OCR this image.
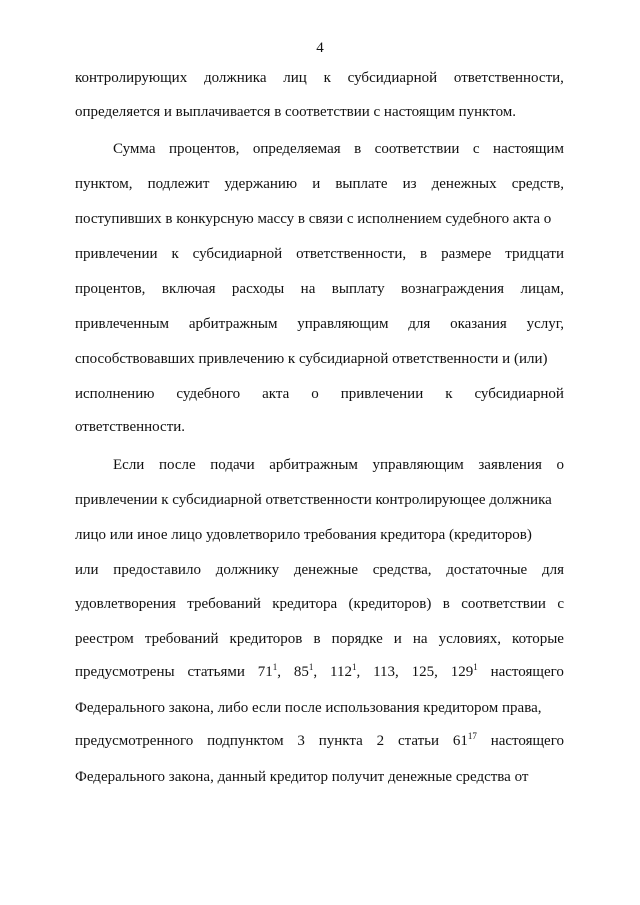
4
контролирующих должника лиц к субсидиарной ответственности,
определяется и выплачивается в соответствии с настоящим пунктом.
Сумма процентов, определяемая в соответствии с настоящим
пунктом, подлежит удержанию и выплате из денежных средств,
поступивших в конкурсную массу в связи с исполнением судебного акта о
привлечении к субсидиарной ответственности, в размере тридцати
процентов, включая расходы на выплату вознаграждения лицам,
привлеченным арбитражным управляющим для оказания услуг,
способствовавших привлечению к субсидиарной ответственности и (или)
исполнению судебного акта о привлечении к субсидиарной
ответственности.
Если после подачи арбитражным управляющим заявления о
привлечении к субсидиарной ответственности контролирующее должника
лицо или иное лицо удовлетворило требования кредитора (кредиторов)
или предоставило должнику денежные средства, достаточные для
удовлетворения требований кредитора (кредиторов) в соответствии с
реестром требований кредиторов в порядке и на условиях, которые
предусмотрены статьями $71^1$, $85^1$, $112^1$, 113, 125, $129^1$ настоящего
Федерального закона, либо если после использования кредитором права,
предусмотренного подпунктом 3 пункта 2 статьи $61^{17}$ настоящего
Федерального закона, данный кредитор получит денежные средства от
